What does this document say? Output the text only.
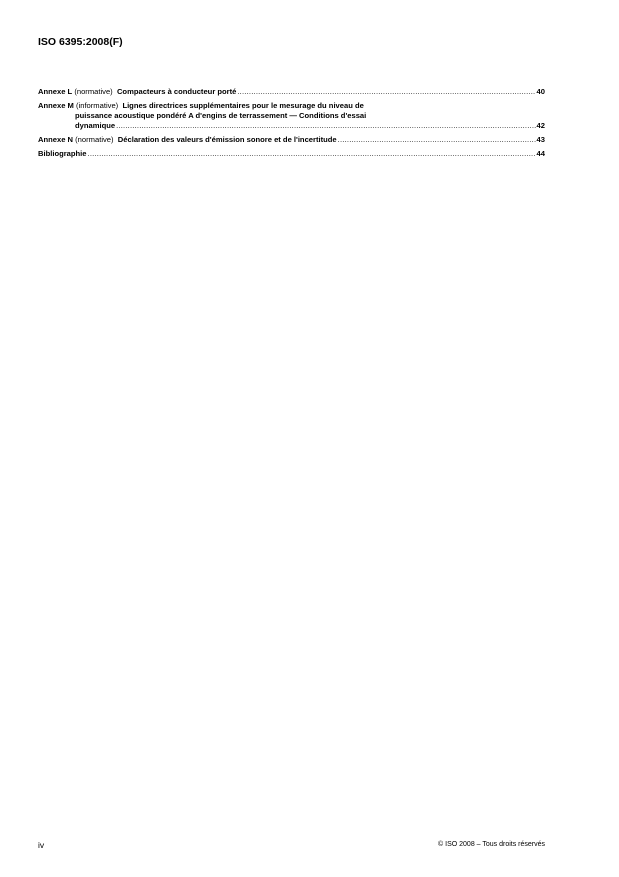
ISO 6395:2008(F)
Annexe L
(normative)
Compacteurs à conducteur porté .....	40
Annexe M
(informative)
Lignes directrices supplémentaires pour le mesurage du niveau de
puissance acoustique pondéré A d'engins de terrassement — Conditions d'essai
dynamique .....	42
Annexe N
(normative)
Déclaration des valeurs d'émission sonore et de l'incertitude .....	43
Bibliographie .....	44
iv	© ISO 2008 – Tous droits réservés
